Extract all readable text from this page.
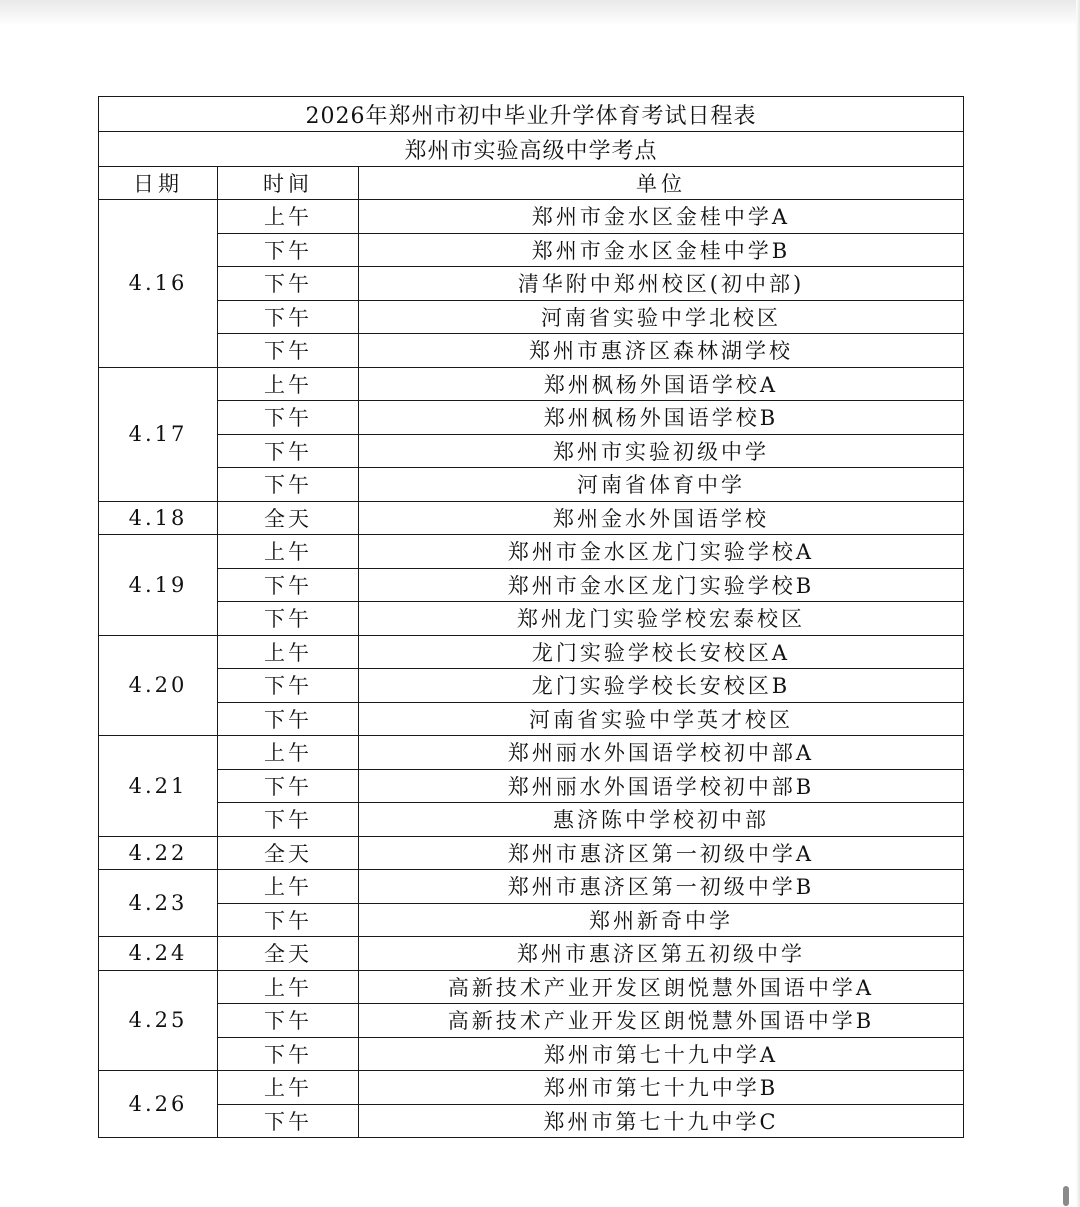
2026年郑州市初中毕业升学体育考试日程表		
郑州市实验高级中学考点		
日期	时间	单位
4.16	上午	郑州市金水区金桂中学A
	下午	郑州市金水区金桂中学B
	下午	清华附中郑州校区(初中部)
	下午	河南省实验中学北校区
	下午	郑州市惠济区森林湖学校
4.17	上午	郑州枫杨外国语学校A
	下午	郑州枫杨外国语学校B
	下午	郑州市实验初级中学
	下午	河南省体育中学
4.18	全天	郑州金水外国语学校
4.19	上午	郑州市金水区龙门实验学校A
	下午	郑州市金水区龙门实验学校B
	下午	郑州龙门实验学校宏泰校区
4.20	上午	龙门实验学校长安校区A
	下午	龙门实验学校长安校区B
	下午	河南省实验中学英才校区
4.21	上午	郑州丽水外国语学校初中部A
	下午	郑州丽水外国语学校初中部B
	下午	惠济陈中学校初中部
4.22	全天	郑州市惠济区第一初级中学A
4.23	上午	郑州市惠济区第一初级中学B
	下午	郑州新奇中学
4.24	全天	郑州市惠济区第五初级中学
4.25	上午	高新技术产业开发区朗悦慧外国语中学A
	下午	高新技术产业开发区朗悦慧外国语中学B
	下午	郑州市第七十九中学A
4.26	上午	郑州市第七十九中学B
	下午	郑州市第七十九中学C
